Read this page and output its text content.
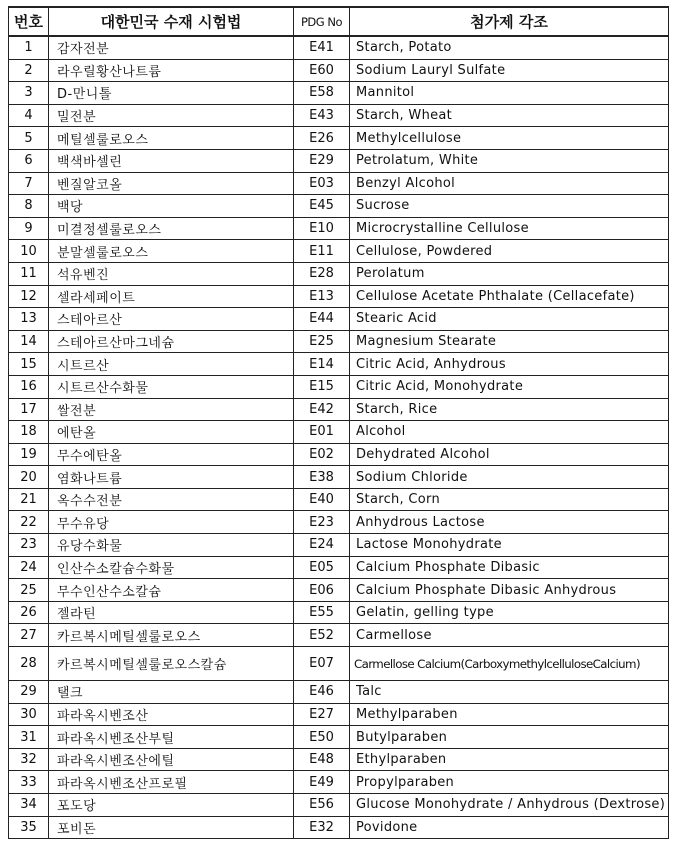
번호	대한민국 수재 시험법	PDG No	첨가제 각조
1	감자전분	E41	Starch, Potato
2	라우릴황산나트륨	E60	Sodium Lauryl Sulfate
3	D-만니톨	E58	Mannitol
4	밀전분	E43	Starch, Wheat
5	메틸셀룰로오스	E26	Methylcellulose
6	백색바셀린	E29	Petrolatum, White
7	벤질알코올	E03	Benzyl Alcohol
8	백당	E45	Sucrose
9	미결정셀룰로오스	E10	Microcrystalline Cellulose
10	분말셀룰로오스	E11	Cellulose, Powdered
11	석유벤진	E28	Perolatum
12	셀라세페이트	E13	Cellulose Acetate Phthalate (Cellacefate)
13	스테아르산	E44	Stearic Acid
14	스테아르산마그네슘	E25	Magnesium Stearate
15	시트르산	E14	Citric Acid, Anhydrous
16	시트르산수화물	E15	Citric Acid, Monohydrate
17	쌀전분	E42	Starch, Rice
18	에탄올	E01	Alcohol
19	무수에탄올	E02	Dehydrated Alcohol
20	염화나트륨	E38	Sodium Chloride
21	옥수수전분	E40	Starch, Corn
22	무수유당	E23	Anhydrous Lactose
23	유당수화물	E24	Lactose Monohydrate
24	인산수소칼슘수화물	E05	Calcium Phosphate Dibasic
25	무수인산수소칼슘	E06	Calcium Phosphate Dibasic Anhydrous
26	젤라틴	E55	Gelatin, gelling type
27	카르복시메틸셀룰로오스	E52	Carmellose
28	카르복시메틸셀룰로오스칼슘	E07	Carmellose Calcium(CarboxymethylcelluloseCalcium)
29	탤크	E46	Talc
30	파라옥시벤조산	E27	Methylparaben
31	파라옥시벤조산부틸	E50	Butylparaben
32	파라옥시벤조산에틸	E48	Ethylparaben
33	파라옥시벤조산프로필	E49	Propylparaben
34	포도당	E56	Glucose Monohydrate / Anhydrous (Dextrose)
35	포비돈	E32	Povidone
